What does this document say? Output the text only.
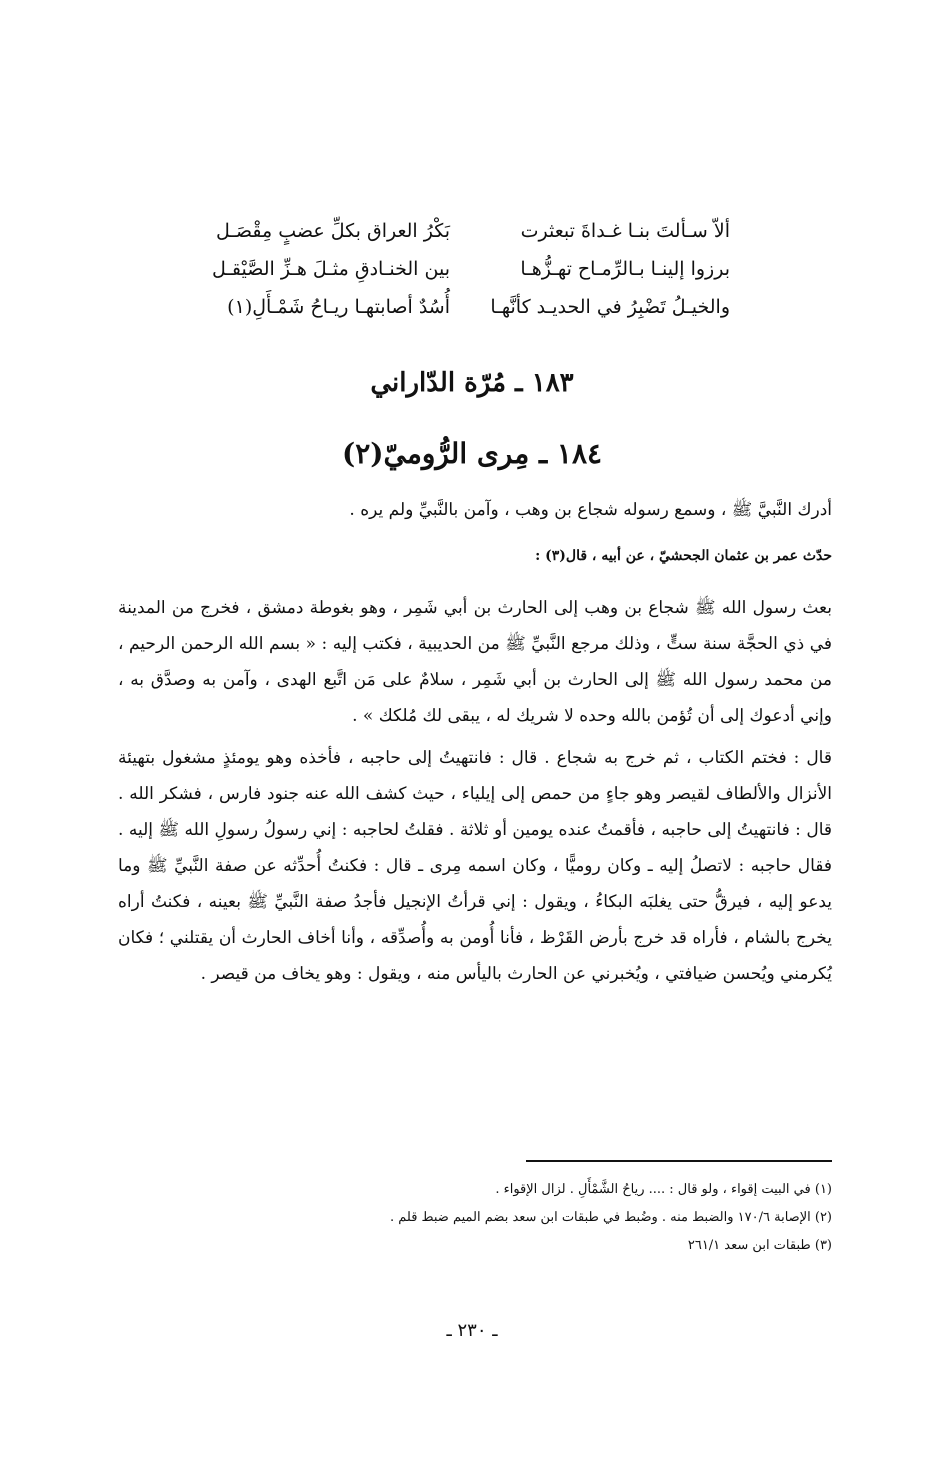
ألاّ سـألتَ بنـا غـداةَ تبعثرت
بَكْرُ العراق بكلِّ عضبٍ مِقْصَـل
برزوا إلينـا بـالرِّمـاح تهـزُّهـا
بين الخنـادقِ مثـلَ هـزِّ الصَّيْقـل
والخيـلُ تَضْبِرُ في الحديـد كأنَّهـا
أُسُدٌ أصابتهـا ريـاحُ شَمْـأَلِ(١)
١٨٣ ـ مُرّة الدّاراني
١٨٤ ـ مِرى الرُّوميّ(٢)
أدرك النَّبيَّ ﷺ ، وسمع رسوله شجاع بن وهب ، وآمن بالنَّبيِّ ولم يره .
حدّث عمر بن عثمان الجحشيّ ، عن أبيه ، قال(٣) :
بعث رسول الله ﷺ شجاع بن وهب إلى الحارث بن أبي شَمِر ، وهو بغوطة دمشق ، فخرج من المدينة في ذي الحجَّة سنة ستٍّ ، وذلك مرجع النَّبيِّ ﷺ من الحديبية ، فكتب إليه : « بسم الله الرحمن الرحيم ، من محمد رسول الله ﷺ إلى الحارث بن أبي شَمِر ، سلامٌ على مَن اتَّبع الهدى ، وآمن به وصدَّق به ، وإني أدعوك إلى أن تُؤمن بالله وحده لا شريك له ، يبقى لك مُلكك » .
قال : فختم الكتاب ، ثم خرج به شجاع . قال : فانتهيتُ إلى حاجبه ، فأخذه وهو يومئذٍ مشغول بتهيئة الأنزال والألطاف لقيصر وهو جاءٍ من حمص إلى إيلياء ، حيث كشف الله عنه جنود فارس ، فشكر الله . قال : فانتهيتُ إلى حاجبه ، فأقمتُ عنده يومين أو ثلاثة . فقلتُ لحاجبه : إني رسولُ رسولِ الله ﷺ إليه . فقال حاجبه : لاتصلُ إليه ـ وكان روميًّا ، وكان اسمه مِرى ـ قال : فكنتُ أُحدِّثه عن صفة النَّبيِّ ﷺ وما يدعو إليه ، فيرقُّ حتى يغلبَه البكاءُ ، ويقول : إني قرأتُ الإنجيل فأجدُ صفة النَّبيِّ ﷺ بعينه ، فكنتُ أراه يخرج بالشام ، فأراه قد خرج بأرض القَرْظ ، فأنا أُومن به وأُصدِّقه ، وأنا أخاف الحارث أن يقتلني ؛ فكان يُكرمني ويُحسن ضيافتي ، ويُخبرني عن الحارث باليأس منه ، ويقول : وهو يخاف من قيصر .
(١) في البيت إقواء ، ولو قال : .... رياحُ الشَّمْأَلِ . لزال الإقواء .
(٢) الإصابة ١٧٠/٦ والضبط منه . وضُبط في طبقات ابن سعد بضم الميم ضبط قلم .
(٣) طبقات ابن سعد ٢٦١/١
ـ ٢٣٠ ـ
